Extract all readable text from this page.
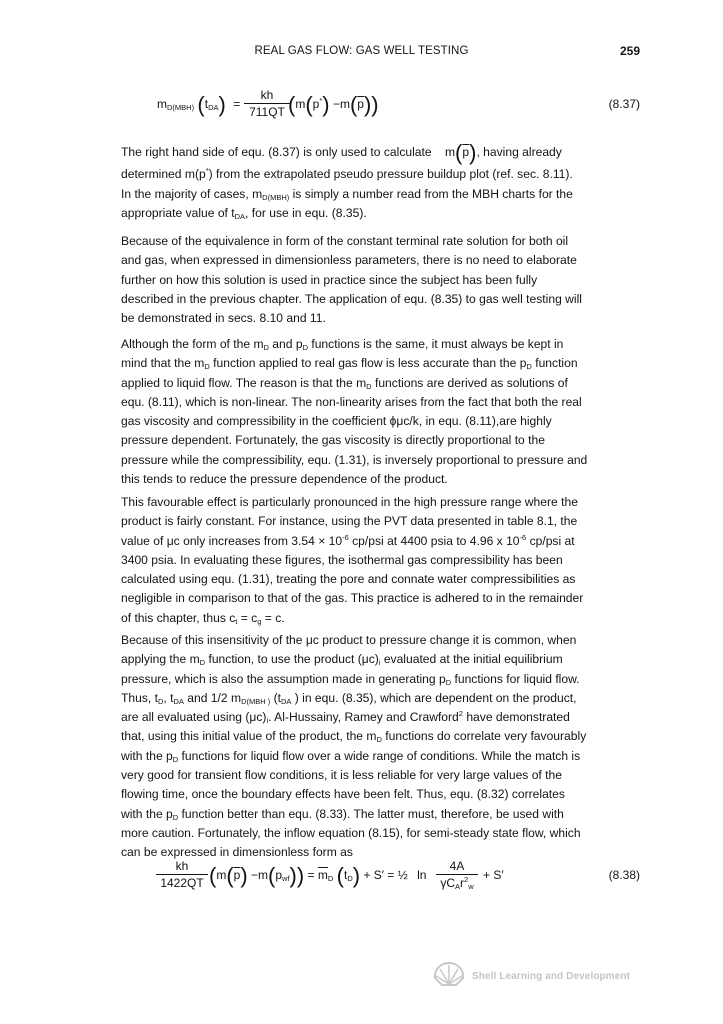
REAL GAS FLOW: GAS WELL TESTING	259
$m_{D(MBH)}$ $(t_{DA}) = \frac{kh}{711QT}$
$(m(p^*) -m(\overline{p}))$	(8.37)
The right hand side of equ. (8.37) is only used to calculate $m(\overline{p})$, having already
determined m(p*) from the extrapolated pseudo pressure buildup plot (ref. sec. 8.11).
In the majority of cases, $m_{D(MBH)}$ is simply a number read from the MBH charts for the
appropriate value of $t_{DA}$, for use in equ. (8.35).
Because of the equivalence in form of the constant terminal rate solution for both oil
and gas, when expressed in dimensionless parameters, there is no need to elaborate
further on how this solution is used in practice since the subject has been fully
described in the previous chapter. The application of equ. (8.35) to gas well testing will
be demonstrated in secs. 8.10 and 11.
Although the form of the $m_D$ and $p_D$ functions is the same, it must always be kept in
mind that the $m_D$ function applied to real gas flow is less accurate than the $p_D$ function
applied to liquid flow. The reason is that the $m_D$ functions are derived as solutions of
equ. (8.11), which is non-linear. The non-linearity arises from the fact that both the real
gas viscosity and compressibility in the coefficient ϕμc/k, in equ. (8.11),are highly
pressure dependent. Fortunately, the gas viscosity is directly proportional to the
pressure while the compressibility, equ. (1.31), is inversely proportional to pressure and
this tends to reduce the pressure dependence of the product.
This favourable effect is particularly pronounced in the high pressure range where the
product is fairly constant. For instance, using the PVT data presented in table 8.1, the
value of μc only increases from $3.54 \times 10^{-6}$ cp/psi at 4400 psia to 4.96 x $10^{-6}$ cp/psi at
3400 psia. In evaluating these figures, the isothermal gas compressibility has been
calculated using equ. (1.31), treating the pore and connate water compressibilities as
negligible in comparison to that of the gas. This practice is adhered to in the remainder
of this chapter, thus $c_t = c_g = c$.
Because of this insensitivity of the μc product to pressure change it is common, when
applying the $m_D$ function, to use the product $(\mu c)_i$ evaluated at the initial equilibrium
pressure, which is also the assumption made in generating $p_D$ functions for liquid flow.
Thus, $t_D$, $t_{DA}$ and 1/2 $m_{D(MBH )}$ ($t_{DA}$ ) in equ. (8.35), which are dependent on the product,
are all evaluated using $(\mu c)_i$. Al-Hussainy, Ramey and Crawford$^2$ have demonstrated
that, using this initial value of the product, the $m_D$ functions do correlate very favourably
with the $p_D$ functions for liquid flow over a wide range of conditions. While the match is
very good for transient flow conditions, it is less reliable for very large values of the
flowing time, once the boundary effects have been felt. Thus, equ. (8.32) correlates
with the $p_D$ function better than equ. (8.33). The latter must, therefore, be used with
more caution. Fortunately, the inflow equation (8.15), for semi-steady state flow, which
can be expressed in dimensionless form as
$\frac{kh}{1422QT} (m(\overline{p}) -m(p_{wf})) = \overline{m}_D$ $(t_D) + S'$ = ½ ln
4A
$\gamma C_Ar^2_w$
+ S′	(8.38)
Shell Learning and Development
